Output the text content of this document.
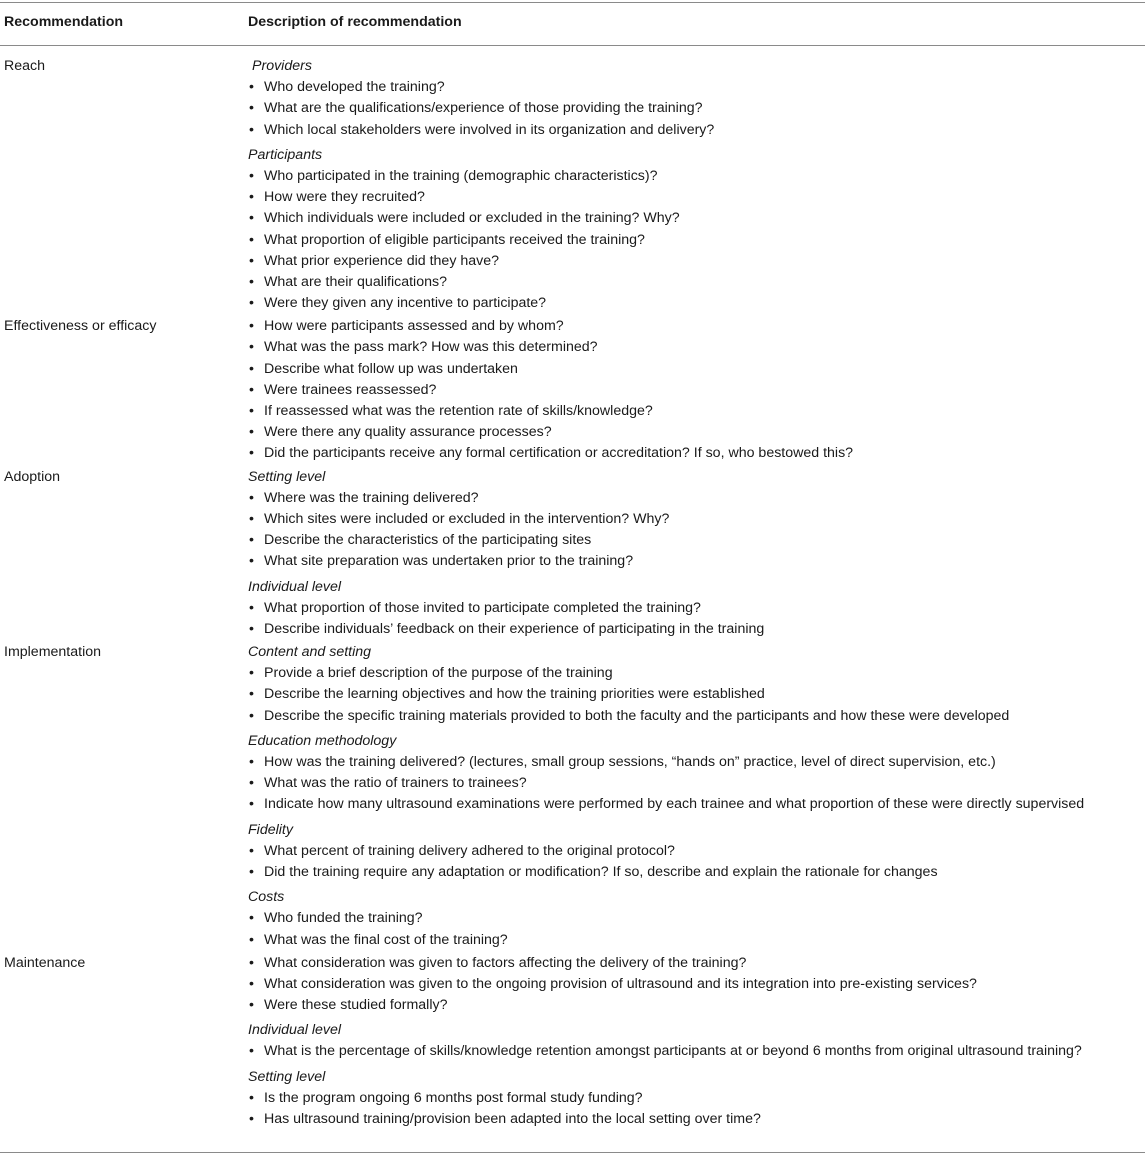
Recommendation	Description of recommendation
Reach	Providers
• Who developed the training?
• What are the qualifications/experience of those providing the training?
• Which local stakeholders were involved in its organization and delivery?
Participants
• Who participated in the training (demographic characteristics)?
• How were they recruited?
• Which individuals were included or excluded in the training? Why?
• What proportion of eligible participants received the training?
• What prior experience did they have?
• What are their qualifications?
• Were they given any incentive to participate?
Effectiveness or efficacy	• How were participants assessed and by whom?
• What was the pass mark? How was this determined?
• Describe what follow up was undertaken
• Were trainees reassessed?
• If reassessed what was the retention rate of skills/knowledge?
• Were there any quality assurance processes?
• Did the participants receive any formal certification or accreditation? If so, who bestowed this?
Adoption	Setting level
• Where was the training delivered?
• Which sites were included or excluded in the intervention? Why?
• Describe the characteristics of the participating sites
• What site preparation was undertaken prior to the training?
Individual level
• What proportion of those invited to participate completed the training?
• Describe individuals’ feedback on their experience of participating in the training
Implementation	Content and setting
• Provide a brief description of the purpose of the training
• Describe the learning objectives and how the training priorities were established
• Describe the specific training materials provided to both the faculty and the participants and how these were developed
Education methodology
• How was the training delivered? (lectures, small group sessions, “hands on” practice, level of direct supervision, etc.)
• What was the ratio of trainers to trainees?
• Indicate how many ultrasound examinations were performed by each trainee and what proportion of these were directly supervised
Fidelity
• What percent of training delivery adhered to the original protocol?
• Did the training require any adaptation or modification? If so, describe and explain the rationale for changes
Costs
• Who funded the training?
• What was the final cost of the training?
Maintenance	• What consideration was given to factors affecting the delivery of the training?
• What consideration was given to the ongoing provision of ultrasound and its integration into pre-existing services?
• Were these studied formally?
Individual level
• What is the percentage of skills/knowledge retention amongst participants at or beyond 6 months from original ultrasound training?
Setting level
• Is the program ongoing 6 months post formal study funding?
• Has ultrasound training/provision been adapted into the local setting over time?
